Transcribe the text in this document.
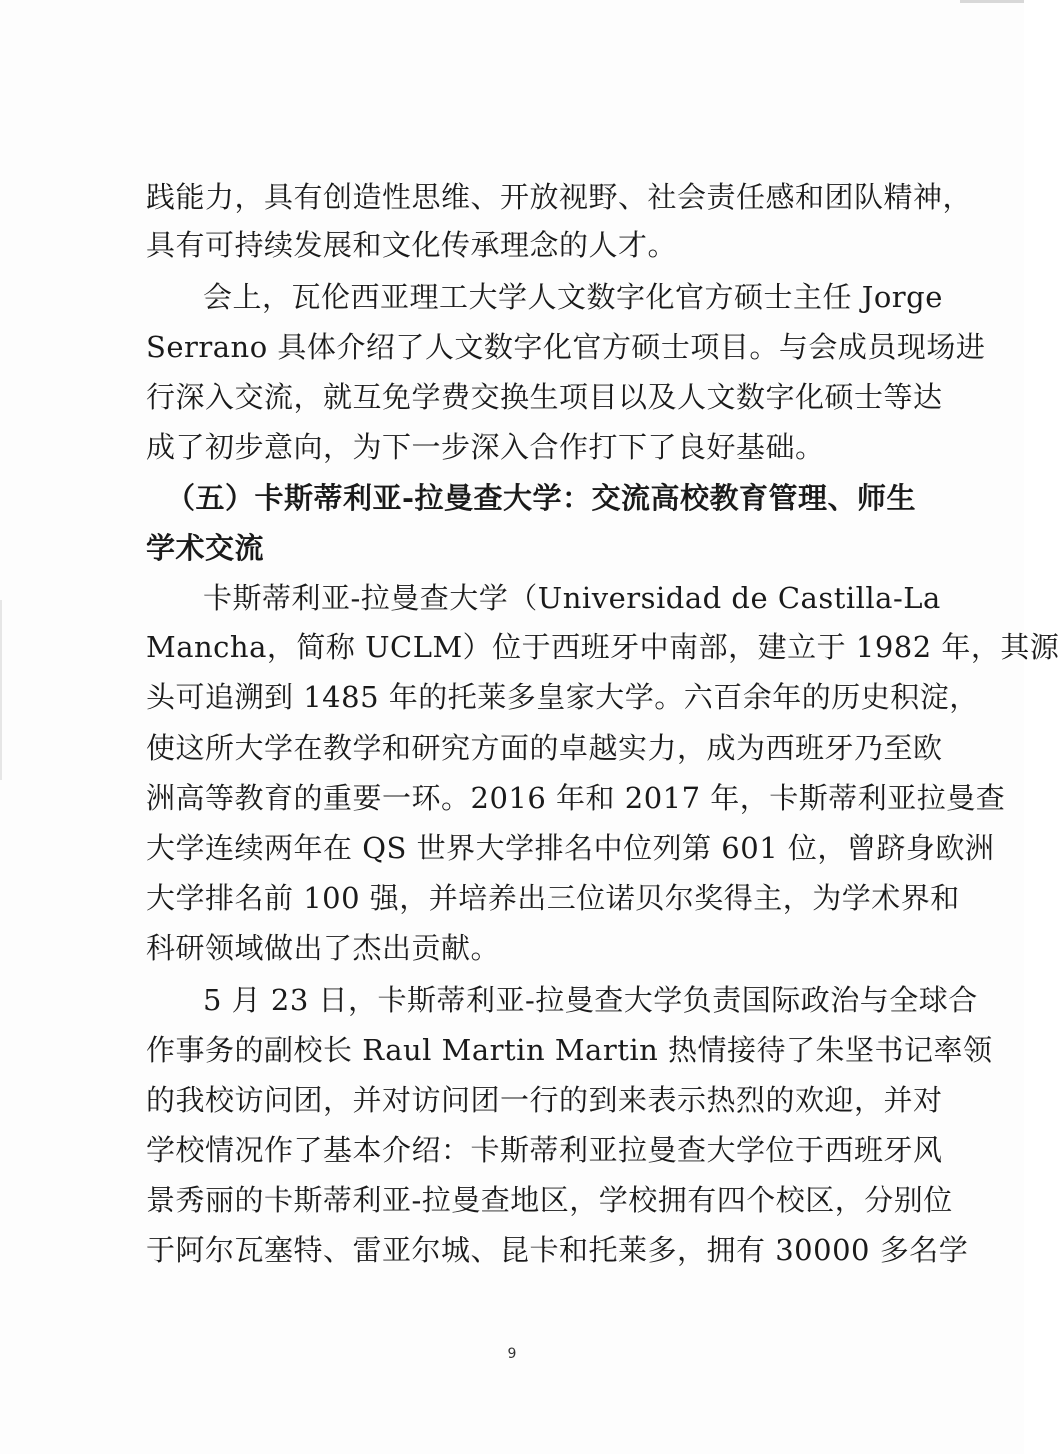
践能力，具有创造性思维、开放视野、社会责任感和团队精神，
具有可持续发展和文化传承理念的人才。
会上，瓦伦西亚理工大学人文数字化官方硕士主任 Jorge
Serrano 具体介绍了人文数字化官方硕士项目。与会成员现场进
行深入交流，就互免学费交换生项目以及人文数字化硕士等达
成了初步意向，为下一步深入合作打下了良好基础。
（五）卡斯蒂利亚-拉曼查大学：交流高校教育管理、师生
学术交流
卡斯蒂利亚-拉曼查大学（Universidad de Castilla-La
Mancha，简称 UCLM）位于西班牙中南部，建立于 1982 年，其源
头可追溯到 1485 年的托莱多皇家大学。六百余年的历史积淀，
使这所大学在教学和研究方面的卓越实力，成为西班牙乃至欧
洲高等教育的重要一环。2016 年和 2017 年，卡斯蒂利亚拉曼查
大学连续两年在 QS 世界大学排名中位列第 601 位，曾跻身欧洲
大学排名前 100 强，并培养出三位诺贝尔奖得主，为学术界和
科研领域做出了杰出贡献。
5 月 23 日，卡斯蒂利亚-拉曼查大学负责国际政治与全球合
作事务的副校长 Raul Martin Martin 热情接待了朱坚书记率领
的我校访问团，并对访问团一行的到来表示热烈的欢迎，并对
学校情况作了基本介绍：卡斯蒂利亚拉曼查大学位于西班牙风
景秀丽的卡斯蒂利亚-拉曼查地区，学校拥有四个校区，分别位
于阿尔瓦塞特、雷亚尔城、昆卡和托莱多，拥有 30000 多名学
9
